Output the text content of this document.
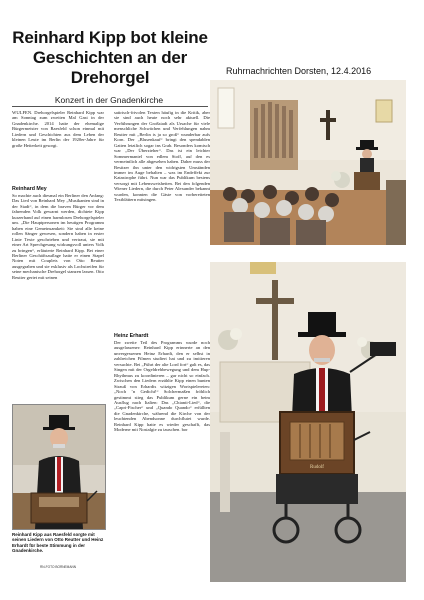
Reinhard Kipp bot kleine Geschichten an der Drehorgel
Konzert in der Gnadenkirche
WULFEN. Drehorgelspieler Reinhard Kipp war am Sonntag zum zweiten Mal Gast in der Gnadenkirche. 2014 hatte der ehemalige Bürgermeister von Raesfeld schon einmal mit Liedern und Geschichten aus dem Leben der kleinen Leute im Berlin der 1920er-Jahre für große Heiterkeit gesorgt.
Reinhard Mey
So machte auch diesmal ein Berliner den Anfang: Das Lied von Reinhard Mey „Musikanten sind in der Stadt“, in dem die braven Bürger vor dem fahrenden Volk gewarnt werden, dichtete Kipp kurzerhand auf einen harmlosen Drehorgelspieler um. „Die Hauptpersonen im heutigen Programm haben eine Gemeinsamkeit: Sie sind alle keine rollen Sänger gewesen, sondern haben in erster Linie Texte geschrieben und vertraut, sie mit einer Art Sprechgesang wirkungsvoll unters Volk zu bringen“, erläuterte Reinhard Kipp. Bei einer Berliner Geschäftsauflage hatte er einen Stapel Noten mit Couplets von Otto Reutter ausgegraben und sie exklusiv als Lochstreifen für seine mechanische Drehorgel stanzen lassen. Otto Reutter geriet mit seinen
satirisch-frivolen Texten häufig in die Kritik, aber sie sind auch heute noch sehr aktuell. Die Verführungen der Großstadt als Ursache für viele menschliche Schwächen und Verfehlungen nahm Reutter mit „Berlin is ja so groß“ wunderbar aufs Korn. Der „Blusenkauf“ bringt den spendablen Gatten letztlich sogar ins Grab. Besonders komisch war „Der Überzieher“. Das ist ein leichter Sommermantel von edlem Stoff, auf den es vermeintlich alle abgesehen haben. Daher muss der Besitzer ihn unter den widrigsten Umständen immer im Auge behalten – was im Endeffekt zur Katastrophe führt. Nun war das Publikum bestens versorgt mit Lebensweisheiten. Bei den folgenden Wiener Liedern, die durch Peter Alexander bekannt wurden, konnten die Gäste von vorbereiteten Textblättern mitsingen.
Heinz Erhardt
Der zweite Teil des Programms wurde noch ausgelassener: Reinhard Kipp erinnerte an den unvergessenen Heinz Erhardt, den er selbst in zahlreichen Filmen studiert hat und zu imitieren versuchte. Bei „Führt der alte Lord fort“ galt es, das Singen mit der Orgeldrehbewegung und dem Hup-Rhythmus zu koordinieren – gar nicht so einfach. Zwischen den Liedern erzählte Kipp einen bunten Strauß von Erhardts witzigen Wortspielereien: „Noch ’n Gedicht!“ Solchermaßen fröhlich gestimmt stieg das Publikum gerne ein beim Ausflug nach Italien: Das „Chianti-Lied“, die „Capri-Fischer“ und „Quando Quando“ erfüllten die Gnadenkirche, während die Kirche von der leuchtenden Abendsonne durchflutet wurde. Reinhard Kipp hatte es wieder geschafft, das Moderne mit Nostalgie zu tauschen. bor
Reinhard Kipp aus Raesfeld sorgte mit seinen Liedern von Otto Reutter und Heinz Erhardt für beste Stimmung in der Gnadenkirche.
RN-FOTO BORNEMANN
Ruhrnachrichten Dorsten, 12.4.2016
Rudolf
